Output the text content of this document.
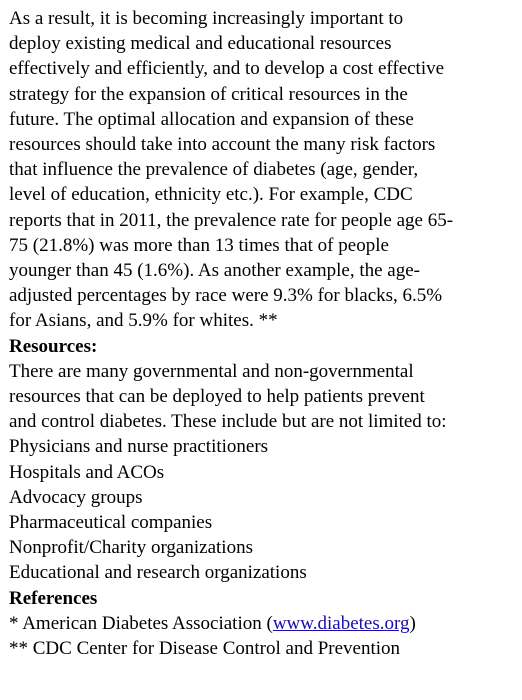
As a result, it is becoming increasingly important to
deploy existing medical and educational resources
effectively and efficiently, and to develop a cost effective
strategy for the expansion of critical resources in the
future. The optimal allocation and expansion of these
resources should take into account the many risk factors
that influence the prevalence of diabetes (age, gender,
level of education, ethnicity etc.). For example, CDC
reports that in 2011, the prevalence rate for people age 65-
75 (21.8%) was more than 13 times that of people
younger than 45 (1.6%). As another example, the age-
adjusted percentages by race were 9.3% for blacks, 6.5%
for Asians, and 5.9% for whites. **
Resources:
There are many governmental and non-governmental
resources that can be deployed to help patients prevent
and control diabetes. These include but are not limited to:
Physicians and nurse practitioners
Hospitals and ACOs
Advocacy groups
Pharmaceutical companies
Nonprofit/Charity organizations
Educational and research organizations
References
* American Diabetes Association (www.diabetes.org)
** CDC Center for Disease Control and Prevention
